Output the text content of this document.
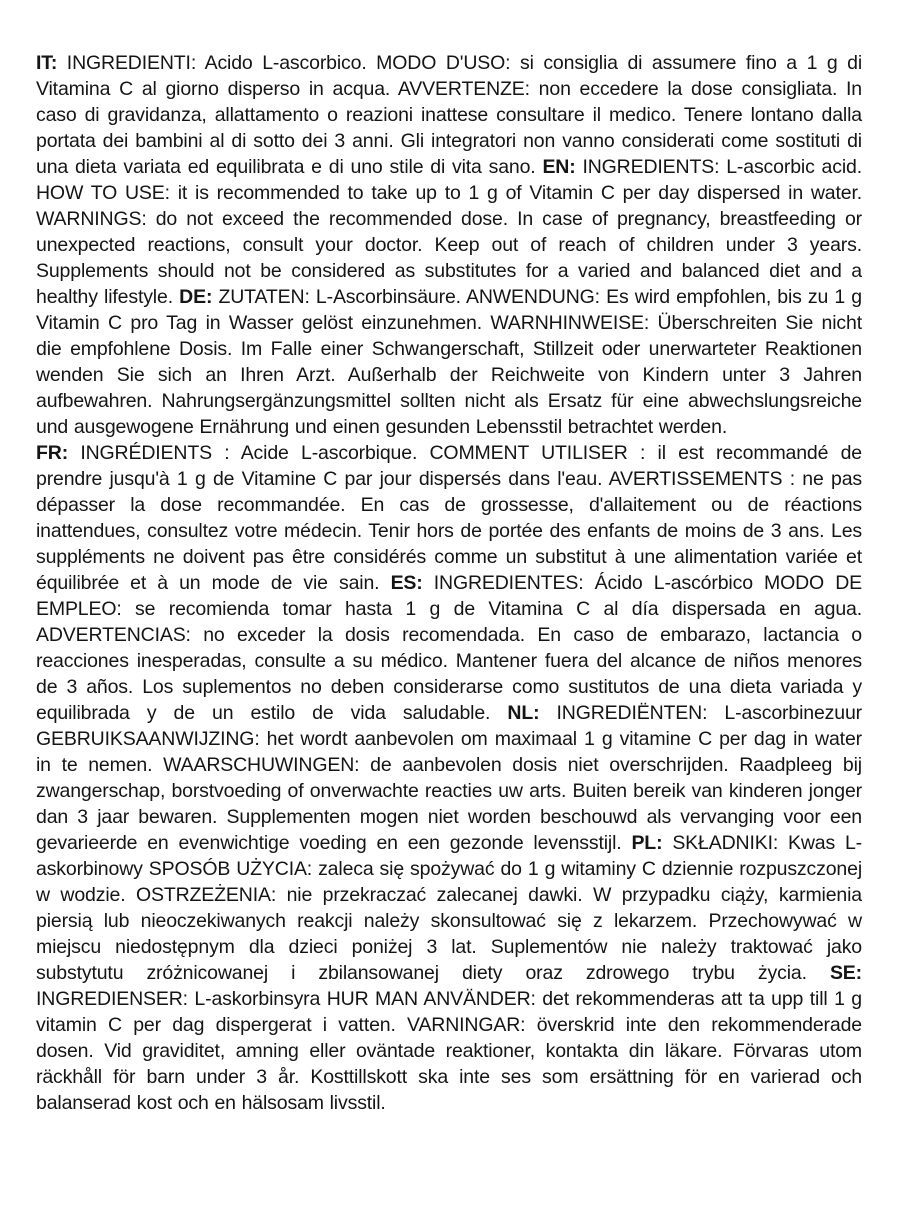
IT: INGREDIENTI: Acido L-ascorbico. MODO D'USO: si consiglia di assumere fino a 1 g di Vitamina C al giorno disperso in acqua. AVVERTENZE: non eccedere la dose consigliata. In caso di gravidanza, allattamento o reazioni inattese consultare il medico. Tenere lontano dalla portata dei bambini al di sotto dei 3 anni. Gli integratori non vanno considerati come sostituti di una dieta variata ed equilibrata e di uno stile di vita sano. EN: INGREDIENTS: L-ascorbic acid. HOW TO USE: it is recommended to take up to 1 g of Vitamin C per day dispersed in water. WARNINGS: do not exceed the recommended dose. In case of pregnancy, breastfeeding or unexpected reactions, consult your doctor. Keep out of reach of children under 3 years. Supplements should not be considered as substitutes for a varied and balanced diet and a healthy lifestyle. DE: ZUTATEN: L-Ascorbinsäure. ANWENDUNG: Es wird empfohlen, bis zu 1 g Vitamin C pro Tag in Wasser gelöst einzunehmen. WARNHINWEISE: Überschreiten Sie nicht die empfohlene Dosis. Im Falle einer Schwangerschaft, Stillzeit oder unerwarteter Reaktionen wenden Sie sich an Ihren Arzt. Außerhalb der Reichweite von Kindern unter 3 Jahren aufbewahren. Nahrungsergänzungsmittel sollten nicht als Ersatz für eine abwechslungsreiche und ausgewogene Ernährung und einen gesunden Lebensstil betrachtet werden.

FR: INGRÉDIENTS : Acide L-ascorbique. COMMENT UTILISER : il est recommandé de prendre jusqu'à 1 g de Vitamine C par jour dispersés dans l'eau. AVERTISSEMENTS : ne pas dépasser la dose recommandée. En cas de grossesse, d'allaitement ou de réactions inattendues, consultez votre médecin. Tenir hors de portée des enfants de moins de 3 ans. Les suppléments ne doivent pas être considérés comme un substitut à une alimentation variée et équilibrée et à un mode de vie sain. ES: INGREDIENTES: Ácido L-ascórbico MODO DE EMPLEO: se recomienda tomar hasta 1 g de Vitamina C al día dispersada en agua. ADVERTENCIAS: no exceder la dosis recomendada. En caso de embarazo, lactancia o reacciones inesperadas, consulte a su médico. Mantener fuera del alcance de niños menores de 3 años. Los suplementos no deben considerarse como sustitutos de una dieta variada y equilibrada y de un estilo de vida saludable. NL: INGREDIËNTEN: L-ascorbinezuur GEBRUIKSAANWIJZING: het wordt aanbevolen om maximaal 1 g vitamine C per dag in water in te nemen. WAARSCHUWINGEN: de aanbevolen dosis niet overschrijden. Raadpleeg bij zwangerschap, borstvoeding of onverwachte reacties uw arts. Buiten bereik van kinderen jonger dan 3 jaar bewaren. Supplementen mogen niet worden beschouwd als vervanging voor een gevarieerde en evenwichtige voeding en een gezonde levensstijl. PL: SKŁADNIKI: Kwas L-askorbinowy SPOSÓB UŻYCIA: zaleca się spożywać do 1 g witaminy C dziennie rozpuszczonej w wodzie. OSTRZEŻENIA: nie przekraczać zalecanej dawki. W przypadku ciąży, karmienia piersią lub nieoczekiwanych reakcji należy skonsultować się z lekarzem. Przechowywać w miejscu niedostępnym dla dzieci poniżej 3 lat. Suplementów nie należy traktować jako substytutu zróżnicowanej i zbilansowanej diety oraz zdrowego trybu życia. SE: INGREDIENSER: L-askorbinsyra HUR MAN ANVÄNDER: det rekommenderas att ta upp till 1 g vitamin C per dag dispergerat i vatten. VARNINGAR: överskrid inte den rekommenderade dosen. Vid graviditet, amning eller oväntade reaktioner, kontakta din läkare. Förvaras utom räckhåll för barn under 3 år. Kosttillskott ska inte ses som ersättning för en varierad och balanserad kost och en hälsosam livsstil.
